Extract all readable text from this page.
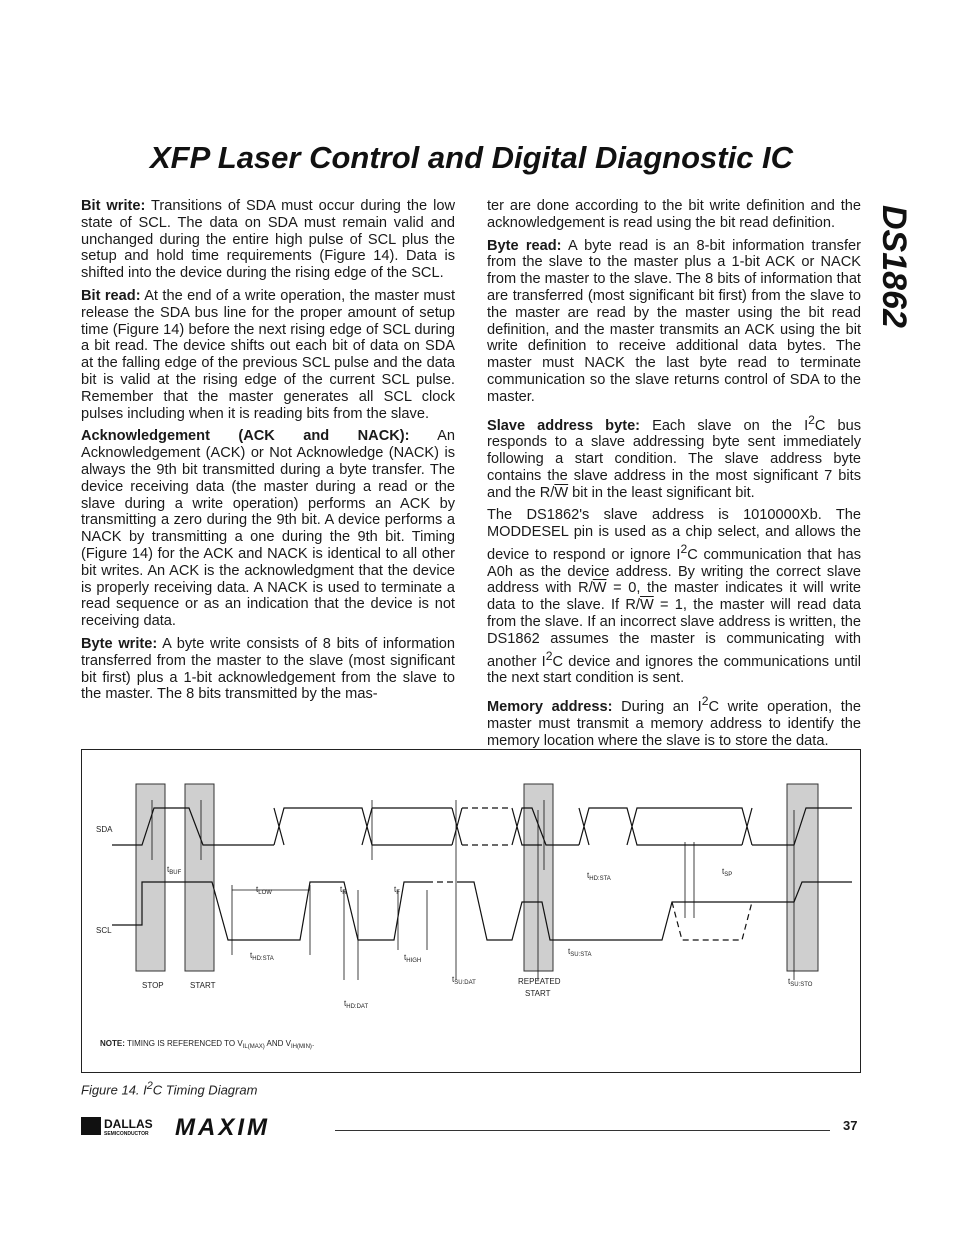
XFP Laser Control and Digital Diagnostic IC
DS1862

Bit write: Transitions of SDA must occur during the low state of SCL. The data on SDA must remain valid and unchanged during the entire high pulse of SCL plus the setup and hold time requirements (Figure 14). Data is shifted into the device during the rising edge of the SCL.

Bit read: At the end of a write operation, the master must release the SDA bus line for the proper amount of setup time (Figure 14) before the next rising edge of SCL during a bit read. The device shifts out each bit of data on SDA at the falling edge of the previous SCL pulse and the data bit is valid at the rising edge of the current SCL pulse. Remember that the master generates all SCL clock pulses including when it is reading bits from the slave.

Acknowledgement (ACK and NACK): An Acknowledgement (ACK) or Not Acknowledge (NACK) is always the 9th bit transmitted during a byte transfer. The device receiving data (the master during a read or the slave during a write operation) performs an ACK by transmitting a zero during the 9th bit. A device performs a NACK by transmitting a one during the 9th bit. Timing (Figure 14) for the ACK and NACK is identical to all other bit writes. An ACK is the acknowledgment that the device is properly receiving data. A NACK is used to terminate a read sequence or as an indication that the device is not receiving data.

Byte write: A byte write consists of 8 bits of information transferred from the master to the slave (most significant bit first) plus a 1-bit acknowledgement from the slave to the master. The 8 bits transmitted by the mas-

ter are done according to the bit write definition and the acknowledgement is read using the bit read definition.

Byte read: A byte read is an 8-bit information transfer from the slave to the master plus a 1-bit ACK or NACK from the master to the slave. The 8 bits of information that are transferred (most significant bit first) from the slave to the master are read by the master using the bit read definition, and the master transmits an ACK using the bit write definition to receive additional data bytes. The master must NACK the last byte read to terminate communication so the slave returns control of SDA to the master.

Slave address byte: Each slave on the $I^2C$ bus responds to a slave addressing byte sent immediately following a start condition. The slave address byte contains the slave address in the most significant 7 bits and the $R/\overline{W}$ bit in the least significant bit.

The DS1862's slave address is 1010000Xb. The MODDESEL pin is used as a chip select, and allows the device to respond or ignore $I^2C$ communication that has A0h as the device address. By writing the correct slave address with $R/\overline{W} = 0$, the master indicates it will write data to the slave. If $R/\overline{W} = 1$, the master will read data from the slave. If an incorrect slave address is written, the DS1862 assumes the master is communicating with another $I^2C$ device and ignores the communications until the next start condition is sent.

Memory address: During an $I^2C$ write operation, the master must transmit a memory address to identify the memory location where the slave is to store the data.

SDA
SCL
STOP	START	REPEATED
START
$t_{BUF}$
$t_{LOW}$	$t_R$	$t_F$
$t_{HD:STA}$
$t_{HD:DAT}$
$t_{HIGH}$
$t_{SU:DAT}$
$t_{HD:STA}$
$t_{SU:STA}$
$t_{SP}$
$t_{SU:STO}$
NOTE: TIMING IS REFERENCED TO $V_{IL(MAX)}$ AND $V_{IH(MIN)}$.
Figure 14. $I^2C$ Timing Diagram
DALLAS
SEMICONDUCTOR MAXIM	37
